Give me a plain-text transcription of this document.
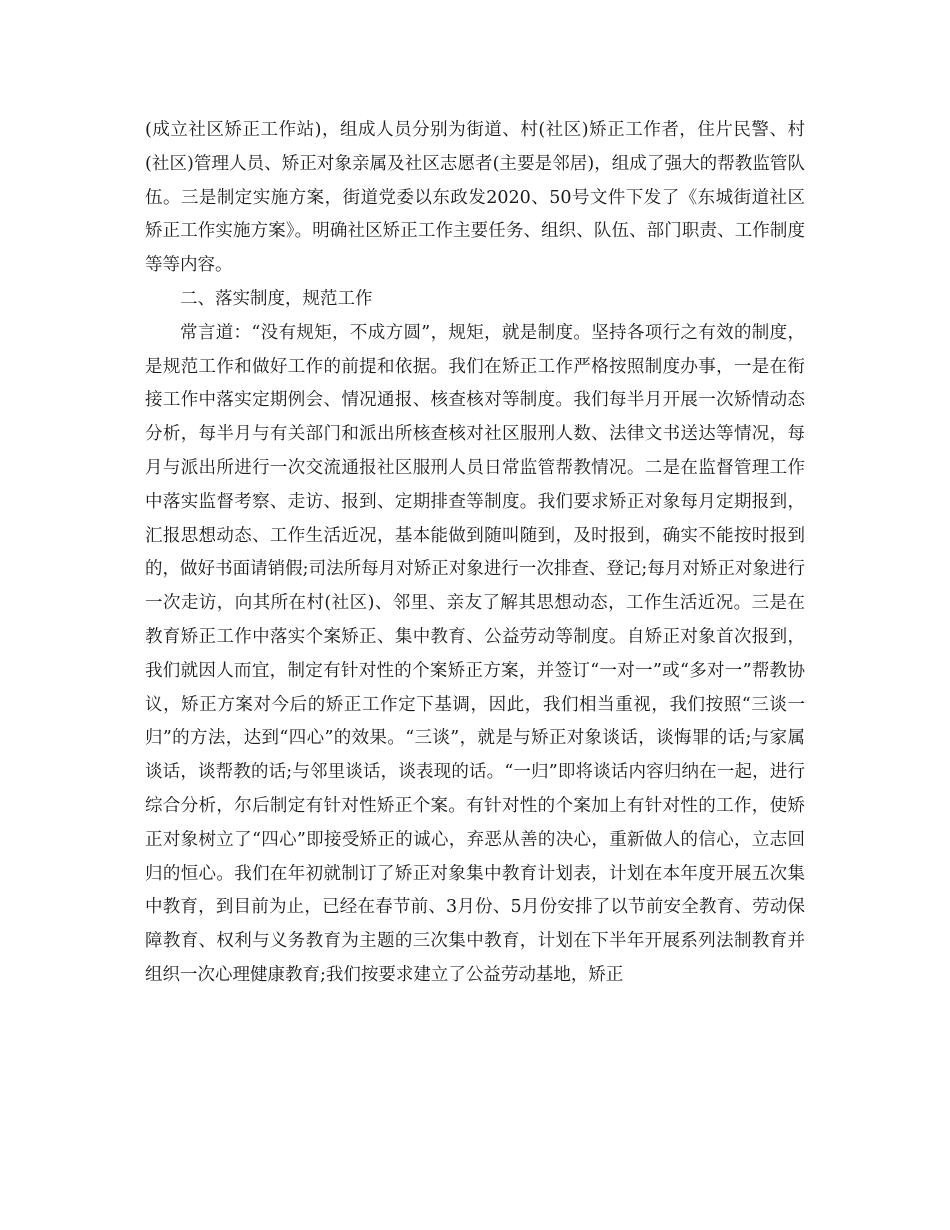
(成立社区矫正工作站)，组成人员分别为街道、村(社区)矫正工作者，住片民警、村(社区)管理人员、矫正对象亲属及社区志愿者(主要是邻居)，组成了强大的帮教监管队伍。三是制定实施方案，街道党委以东政发2020、50号文件下发了《东城街道社区矫正工作实施方案》。明确社区矫正工作主要任务、组织、队伍、部门职责、工作制度等等内容。

二、落实制度，规范工作

常言道：“没有规矩，不成方圆”，规矩，就是制度。坚持各项行之有效的制度，是规范工作和做好工作的前提和依据。我们在矫正工作严格按照制度办事，一是在衔接工作中落实定期例会、情况通报、核查核对等制度。我们每半月开展一次矫情动态分析，每半月与有关部门和派出所核查核对社区服刑人数、法律文书送达等情况，每月与派出所进行一次交流通报社区服刑人员日常监管帮教情况。二是在监督管理工作中落实监督考察、走访、报到、定期排查等制度。我们要求矫正对象每月定期报到，汇报思想动态、工作生活近况，基本能做到随叫随到，及时报到，确实不能按时报到的，做好书面请销假;司法所每月对矫正对象进行一次排查、登记;每月对矫正对象进行一次走访，向其所在村(社区)、邻里、亲友了解其思想动态，工作生活近况。三是在教育矫正工作中落实个案矫正、集中教育、公益劳动等制度。自矫正对象首次报到，我们就因人而宜，制定有针对性的个案矫正方案，并签订“一对一”或“多对一”帮教协议，矫正方案对今后的矫正工作定下基调，因此，我们相当重视，我们按照“三谈一归”的方法，达到“四心”的效果。“三谈”，就是与矫正对象谈话，谈悔罪的话;与家属谈话，谈帮教的话;与邻里谈话，谈表现的话。“一归”即将谈话内容归纳在一起，进行综合分析，尔后制定有针对性矫正个案。有针对性的个案加上有针对性的工作，使矫正对象树立了“四心”即接受矫正的诚心，弃恶从善的决心，重新做人的信心，立志回归的恒心。我们在年初就制订了矫正对象集中教育计划表，计划在本年度开展五次集中教育，到目前为止，已经在春节前、3月份、5月份安排了以节前安全教育、劳动保障教育、权利与义务教育为主题的三次集中教育，计划在下半年开展系列法制教育并组织一次心理健康教育;我们按要求建立了公益劳动基地，矫正
